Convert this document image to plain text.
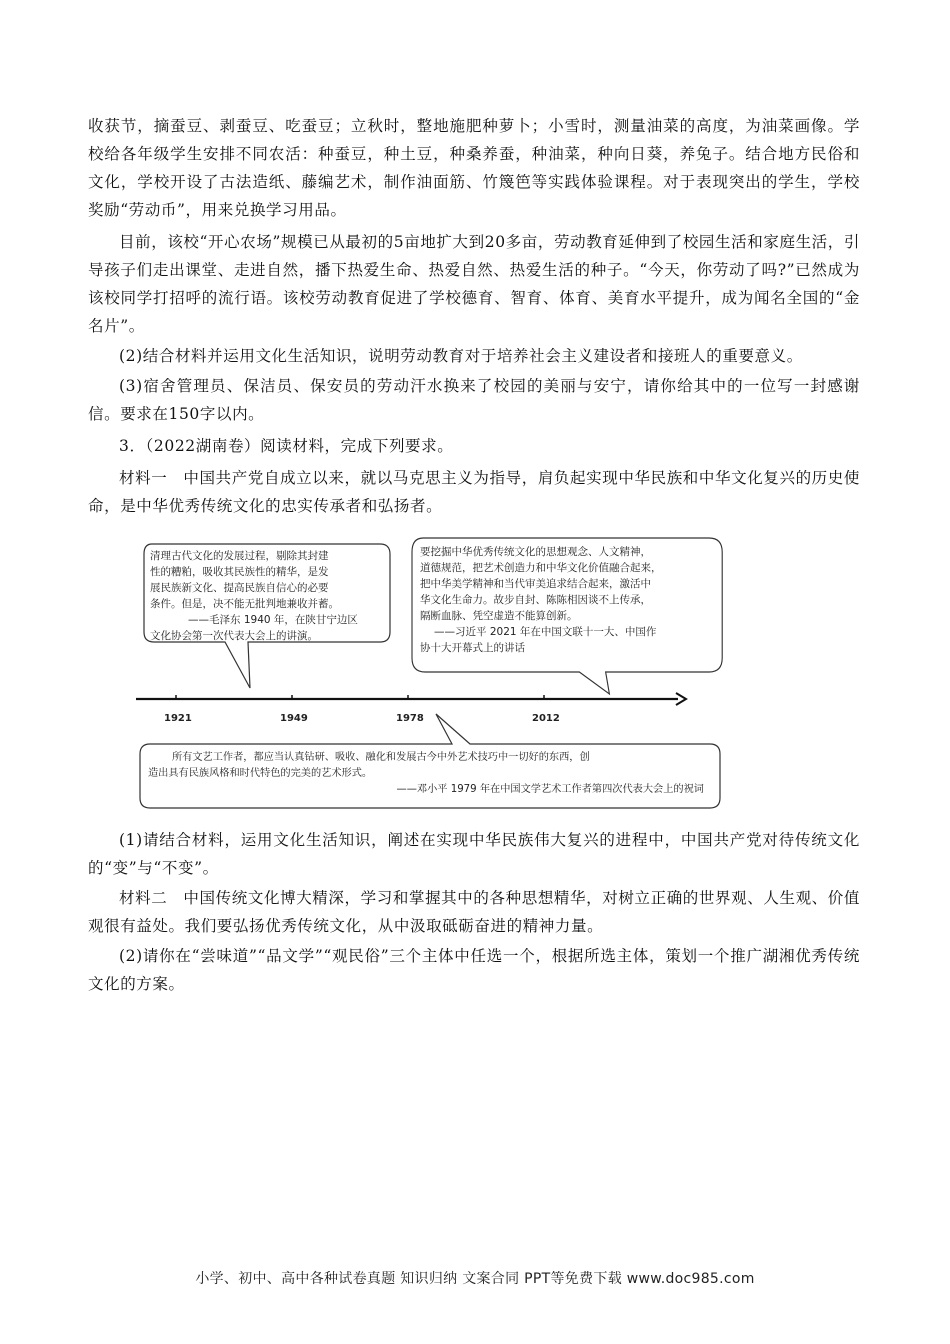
收获节，摘蚕豆、剥蚕豆、吃蚕豆；立秋时，整地施肥种萝卜；小雪时，测量油菜的高度，为油菜画像。学校给各年级学生安排不同农活：种蚕豆，种土豆，种桑养蚕，种油菜，种向日葵，养兔子。结合地方民俗和文化，学校开设了古法造纸、藤编艺术，制作油面筋、竹篾笆等实践体验课程。对于表现突出的学生，学校奖励“劳动币”，用来兑换学习用品。

目前，该校“开心农场”规模已从最初的5亩地扩大到20多亩，劳动教育延伸到了校园生活和家庭生活，引导孩子们走出课堂、走进自然，播下热爱生命、热爱自然、热爱生活的种子。“今天，你劳动了吗?”已然成为该校同学打招呼的流行语。该校劳动教育促进了学校德育、智育、体育、美育水平提升，成为闻名全国的“金名片”。

(2)结合材料并运用文化生活知识，说明劳动教育对于培养社会主义建设者和接班人的重要意义。

(3)宿舍管理员、保洁员、保安员的劳动汗水换来了校园的美丽与安宁，请你给其中的一位写一封感谢信。要求在150字以内。

3．（2022湖南卷）阅读材料，完成下列要求。

材料一　中国共产党自成立以来，就以马克思主义为指导，肩负起实现中华民族和中华文化复兴的历史使命，是中华优秀传统文化的忠实传承者和弘扬者。

清理古代文化的发展过程，剔除其封建
性的糟粕，吸收其民族性的精华，是发
展民族新文化、提高民族自信心的必要
条件。但是，决不能无批判地兼收并蓄。
——毛泽东 1940 年，在陕甘宁边区
文化协会第一次代表大会上的讲演。
要挖掘中华优秀传统文化的思想观念、人文精神，
道德规范，把艺术创造力和中华文化价值融合起来，
把中华美学精神和当代审美追求结合起来，激活中
华文化生命力。故步自封、陈陈相因谈不上传承，
隔断血脉、凭空虚造不能算创新。
——习近平 2021 年在中国文联十一大、中国作
协十大开幕式上的讲话
1921	1949	1978	2012
所有文艺工作者，都应当认真钻研、吸收、融化和发展古今中外艺术技巧中一切好的东西，创
造出具有民族风格和时代特色的完美的艺术形式。
——邓小平 1979 年在中国文学艺术工作者第四次代表大会上的祝词

(1)请结合材料，运用文化生活知识，阐述在实现中华民族伟大复兴的进程中，中国共产党对待传统文化的“变”与“不变”。

材料二　中国传统文化博大精深，学习和掌握其中的各种思想精华，对树立正确的世界观、人生观、价值观很有益处。我们要弘扬优秀传统文化，从中汲取砥砺奋进的精神力量。

(2)请你在“尝味道”“品文学”“观民俗”三个主体中任选一个，根据所选主体，策划一个推广湖湘优秀传统文化的方案。

小学、初中、高中各种试卷真题 知识归纳 文案合同 PPT等免费下载 www.doc985.com
